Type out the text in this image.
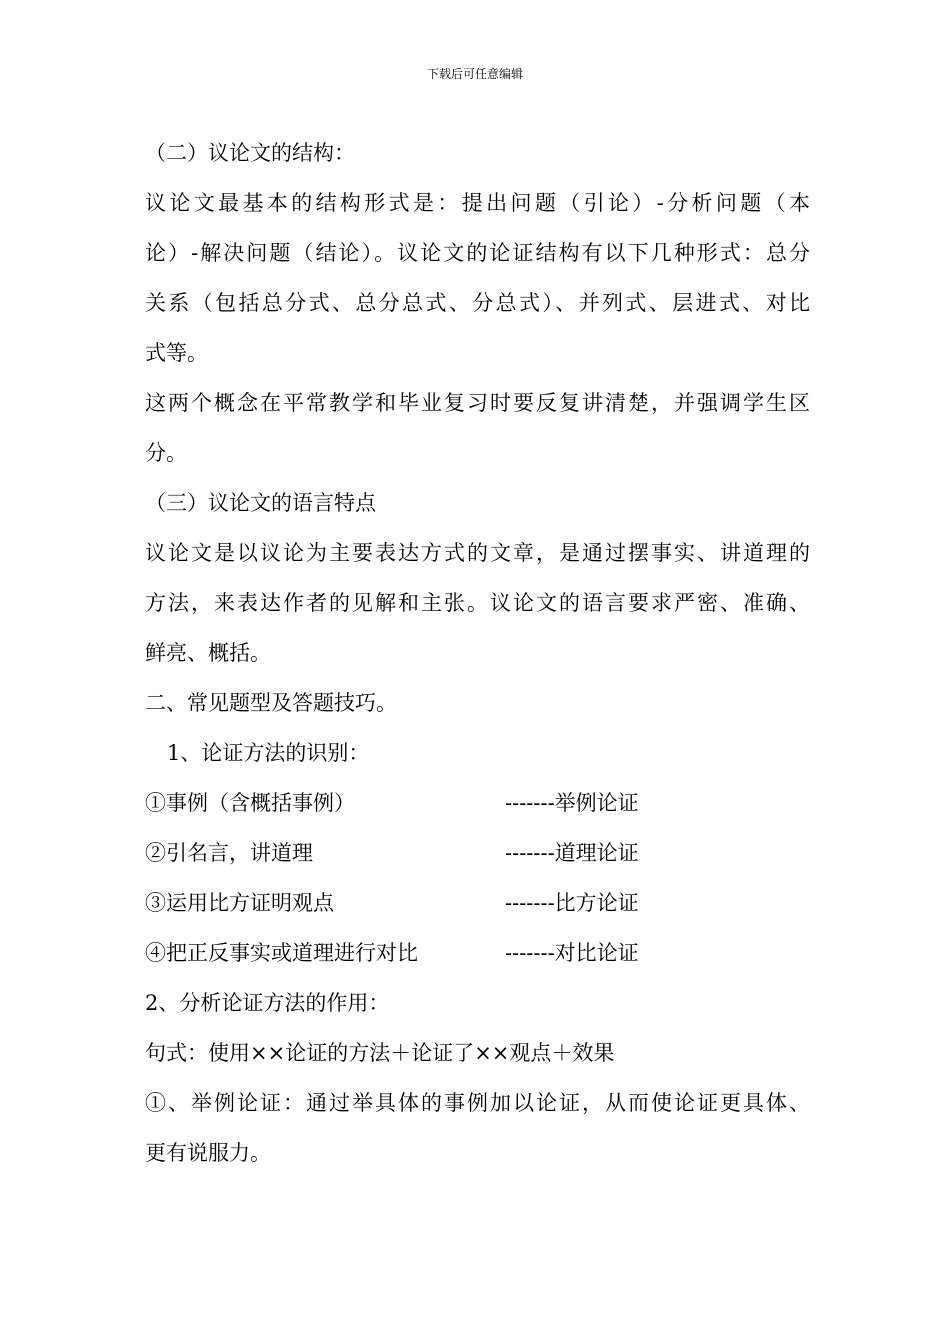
下载后可任意编辑
（二）议论文的结构：
议论文最基本的结构形式是：提出问题（引论）-分析问题（本
论）-解决问题（结论）。议论文的论证结构有以下几种形式：总分
关系（包括总分式、总分总式、分总式）、并列式、层进式、对比
式等。
这两个概念在平常教学和毕业复习时要反复讲清楚，并强调学生区
分。
（三）议论文的语言特点
议论文是以议论为主要表达方式的文章，是通过摆事实、讲道理的
方法，来表达作者的见解和主张。议论文的语言要求严密、准确、
鲜亮、概括。
二、常见题型及答题技巧。
1、论证方法的识别：
①事例（含概括事例）	-------举例论证
②引名言，讲道理	-------道理论证
③运用比方证明观点	-------比方论证
④把正反事实或道理进行对比	-------对比论证
2、分析论证方法的作用：
句式：使用××论证的方法＋论证了××观点＋效果
①、举例论证：通过举具体的事例加以论证，从而使论证更具体、
更有说服力。
